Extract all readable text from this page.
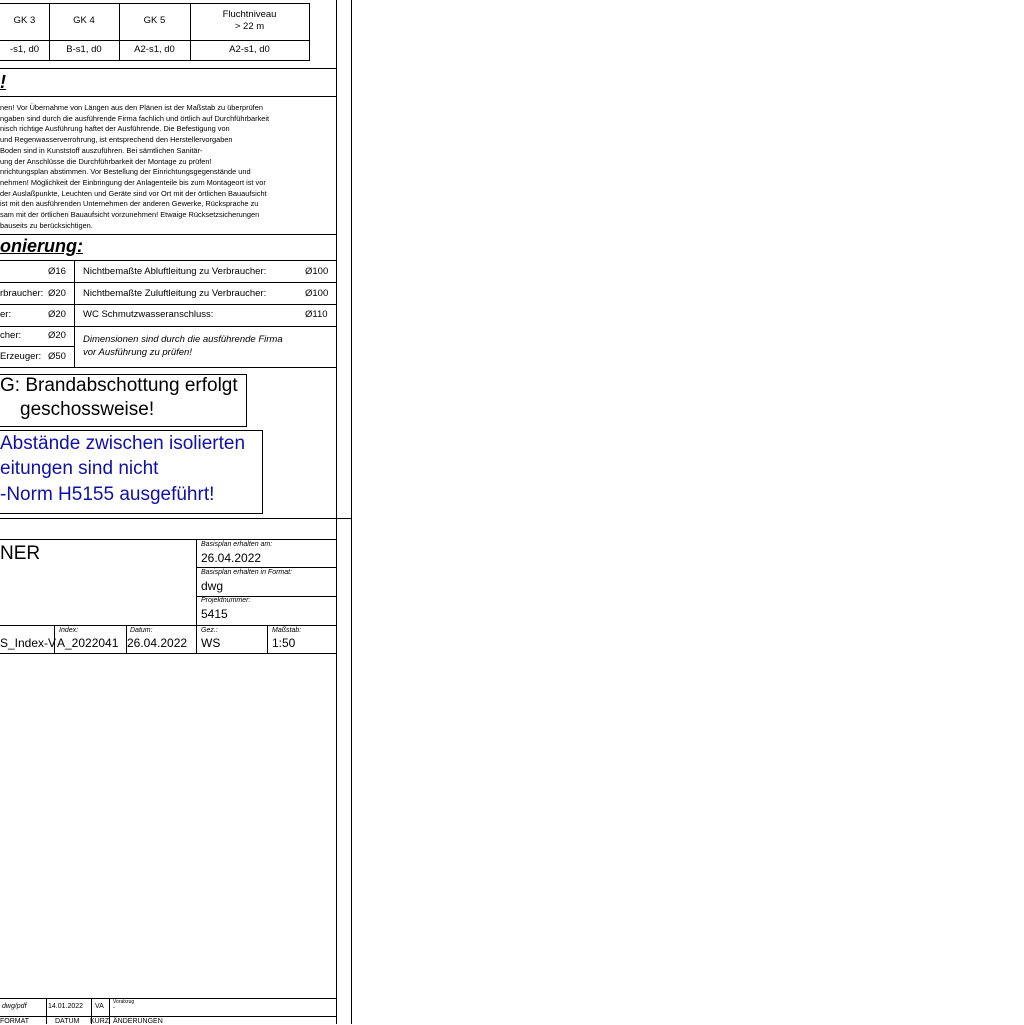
GK 3	GK 4	GK 5
Fluchtniveau
> 22 m
-s1, d0	B-s1, d0	A2-s1, d0	A2-s1, d0
!
nen! Vor Übernahme von Längen aus den Plänen ist der Maßstab zu überprüfen
ngaben sind durch die ausführende Firma fachlich und örtlich auf Durchführbarkeit
nisch richtige Ausführung haftet der Ausführende. Die Befestigung von
und Regenwasserverrohrung, ist entsprechend den Herstellervorgaben
Boden sind in Kunststoff auszuführen. Bei sämtlichen Sanitär-
ung der Anschlüsse die Durchführbarkeit der Montage zu prüfen!
nrichtungsplan abstimmen. Vor Bestellung der Einrichtungsgegenstände und
nehmen! Möglichkeit der Einbringung der Anlagenteile bis zum Montageort ist vor
der Auslaßpunkte, Leuchten und Geräte sind vor Ort mit der örtlichen Bauaufsicht
ist mit den ausführenden Unternehmen der anderen Gewerke, Rücksprache zu
sam mit der örtlichen Bauaufsicht vorzunehmen! Etwaige Rücksetzsicherungen
bauseits zu berücksichtigen.
onierung:
Ø16
rbraucher: Ø20
er:	Ø20
cher:	Ø20
Erzeuger: Ø50
Nichtbemaßte Abluftleitung zu Verbraucher:	Ø100
Nichtbemaßte Zuluftleitung zu Verbraucher:	Ø100
WC Schmutzwasseranschluss:	Ø110
Dimensionen sind durch die ausführende Firma
vor Ausführung zu prüfen!
G: Brandabschottung erfolgt
geschossweise!
Abstände zwischen isolierten
eitungen sind nicht
-Norm H5155 ausgeführt!
NER	Basisplan erhalten am:
26.04.2022
Basisplan erhalten in Format:
dwg
Projektnummer:
5415
S_Index-V
Index:
A_2022041
Datum:
26.04.2022
Gez.:
WS
Maßstab:
1:50
dwg/pdf	14.01.2022 VA
Vorabzug
-
FORMAT	DATUM KÜRZ ÄNDERUNGEN
